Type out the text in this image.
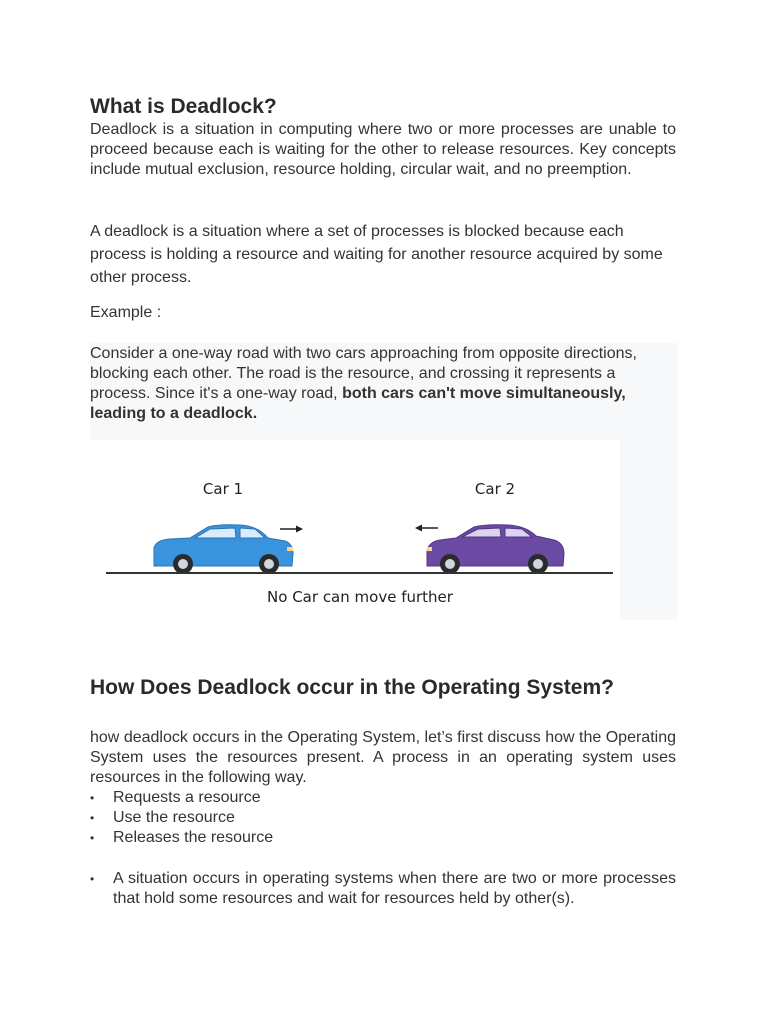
What is Deadlock?

Deadlock is a situation in computing where two or more processes are unable to proceed because each is waiting for the other to release resources. Key concepts include mutual exclusion, resource holding, circular wait, and no preemption.

A deadlock is a situation where a set of processes is blocked because each process is holding a resource and waiting for another resource acquired by some other process.

Example :

Consider a one-way road with two cars approaching from opposite directions, blocking each other. The road is the resource, and crossing it represents a process. Since it's a one-way road, both cars can't move simultaneously, leading to a deadlock.

How Does Deadlock occur in the Operating System?

how deadlock occurs in the Operating System, let’s first discuss how the Operating System uses the resources present. A process in an operating system uses resources in the following way.

• Requests a resource
• Use the resource
• Releases the resource
• A situation occurs in operating systems when there are two or more processes that hold some resources and wait for resources held by other(s).
Car 1	Car 2
No Car can move further
